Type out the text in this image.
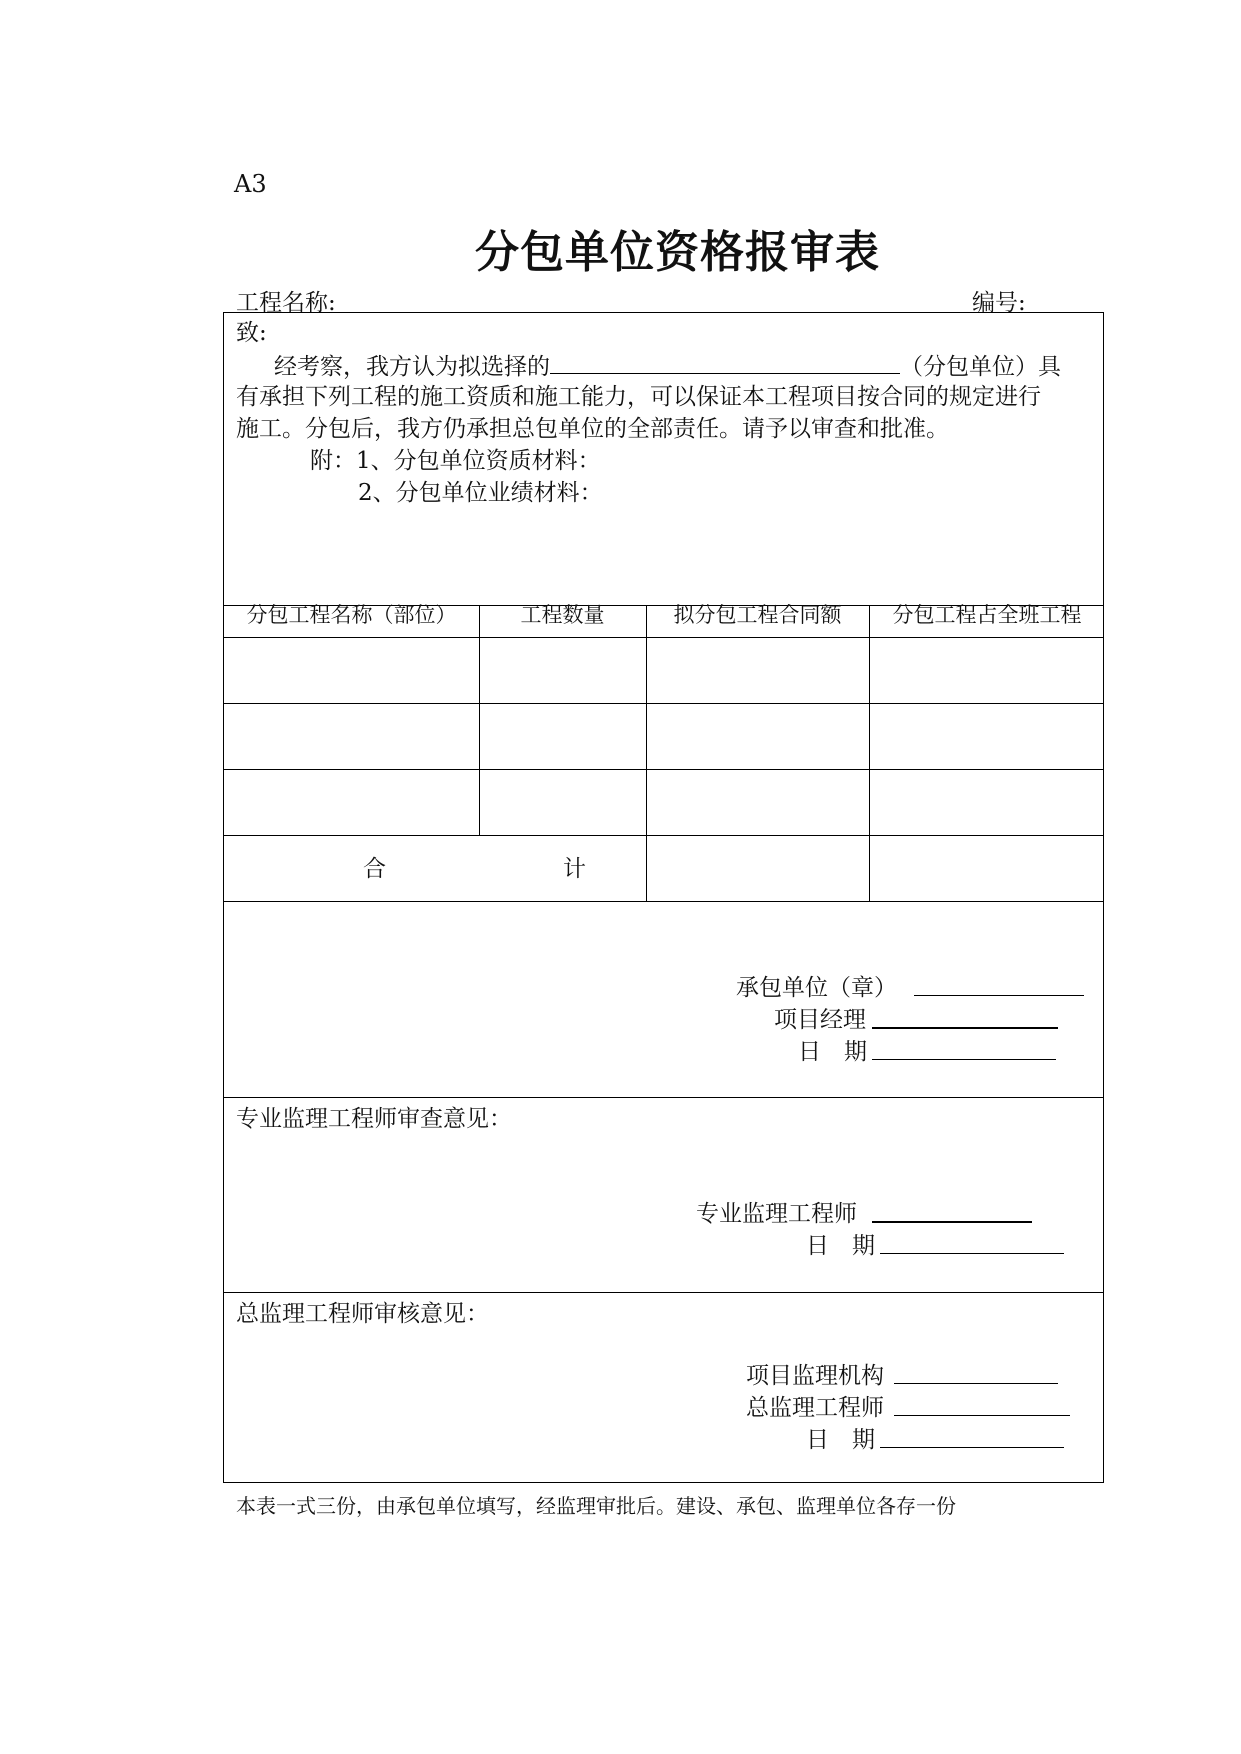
A3
分包单位资格报审表
工程名称:	编号:
致:
经考察，我方认为拟选择的	（分包单位）具
有承担下列工程的施工资质和施工能力，可以保证本工程项目按合同的规定进行
施工。分包后，我方仍承担总包单位的全部责任。请予以审查和批准。
附：1、分包单位资质材料：
2、分包单位业绩材料：
分包工程名称（部位）	工程数量	拟分包工程合同额	分包工程占全班工程
合	计
承包单位（章）
项目经理
日　期
专业监理工程师审查意见：
专业监理工程师
日　期
总监理工程师审核意见：
项目监理机构
总监理工程师
日　期
本表一式三份，由承包单位填写，经监理审批后。建设、承包、监理单位各存一份
